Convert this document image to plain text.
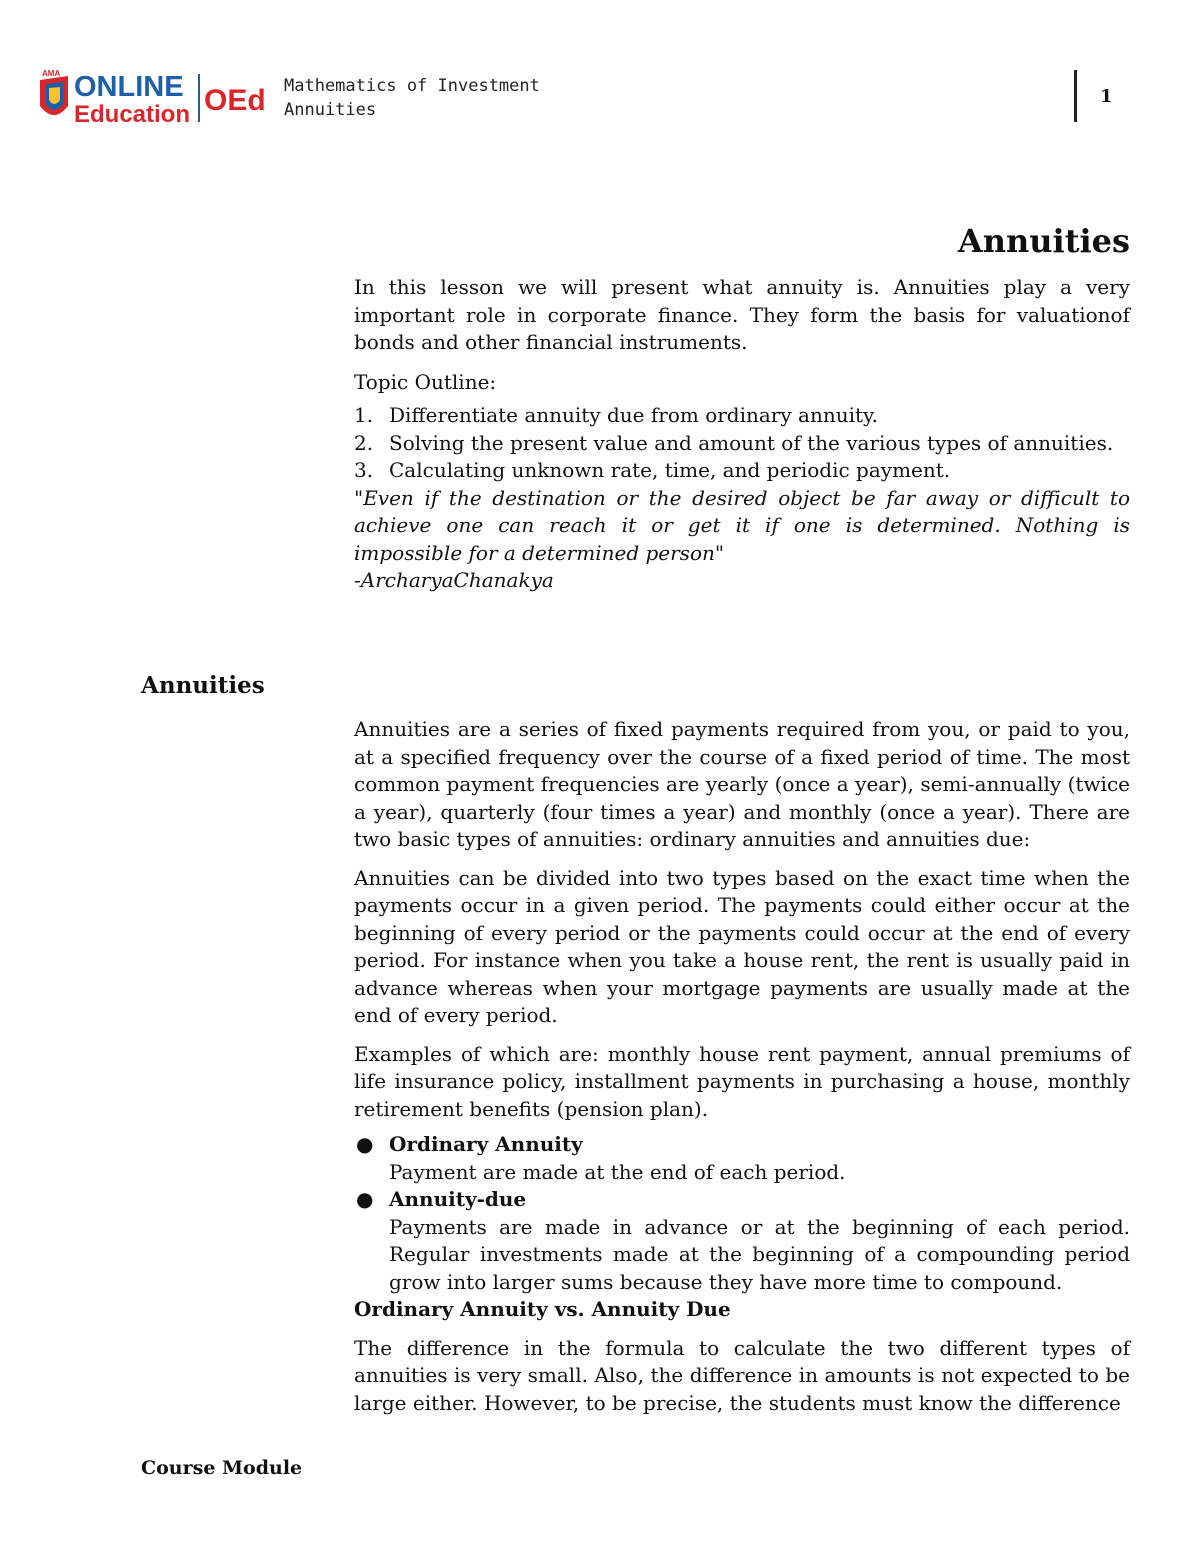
AMA ONLINE
Education OEd Mathematics of Investment
Annuities
1
Annuities

In this lesson we will present what annuity is. Annuities play a very important role in corporate finance. They form the basis for valuationof bonds and other financial instruments.

Topic Outline:

1. Differentiate annuity due from ordinary annuity.
2. Solving the present value and amount of the various types of annuities.
3. Calculating unknown rate, time, and periodic payment.

"Even if the destination or the desired object be far away or difficult to achieve one can reach it or get it if one is determined. Nothing is impossible for a determined person"

-ArcharyaChanakya

Annuities

Annuities are a series of fixed payments required from you, or paid to you, at a specified frequency over the course of a fixed period of time. The most common payment frequencies are yearly (once a year), semi-annually (twice a year), quarterly (four times a year) and monthly (once a year). There are two basic types of annuities: ordinary annuities and annuities due:

Annuities can be divided into two types based on the exact time when the payments occur in a given period. The payments could either occur at the beginning of every period or the payments could occur at the end of every period. For instance when you take a house rent, the rent is usually paid in advance whereas when your mortgage payments are usually made at the end of every period.

Examples of which are: monthly house rent payment, annual premiums of life insurance policy, installment payments in purchasing a house, monthly retirement benefits (pension plan).

● Ordinary Annuity
Payment are made at the end of each period.
● Annuity-due
Payments are made in advance or at the beginning of each period. Regular investments made at the beginning of a compounding period grow into larger sums because they have more time to compound.

Ordinary Annuity vs. Annuity Due

The difference in the formula to calculate the two different types of annuities is very small. Also, the difference in amounts is not expected to be large either. However, to be precise, the students must know the difference

Course Module
